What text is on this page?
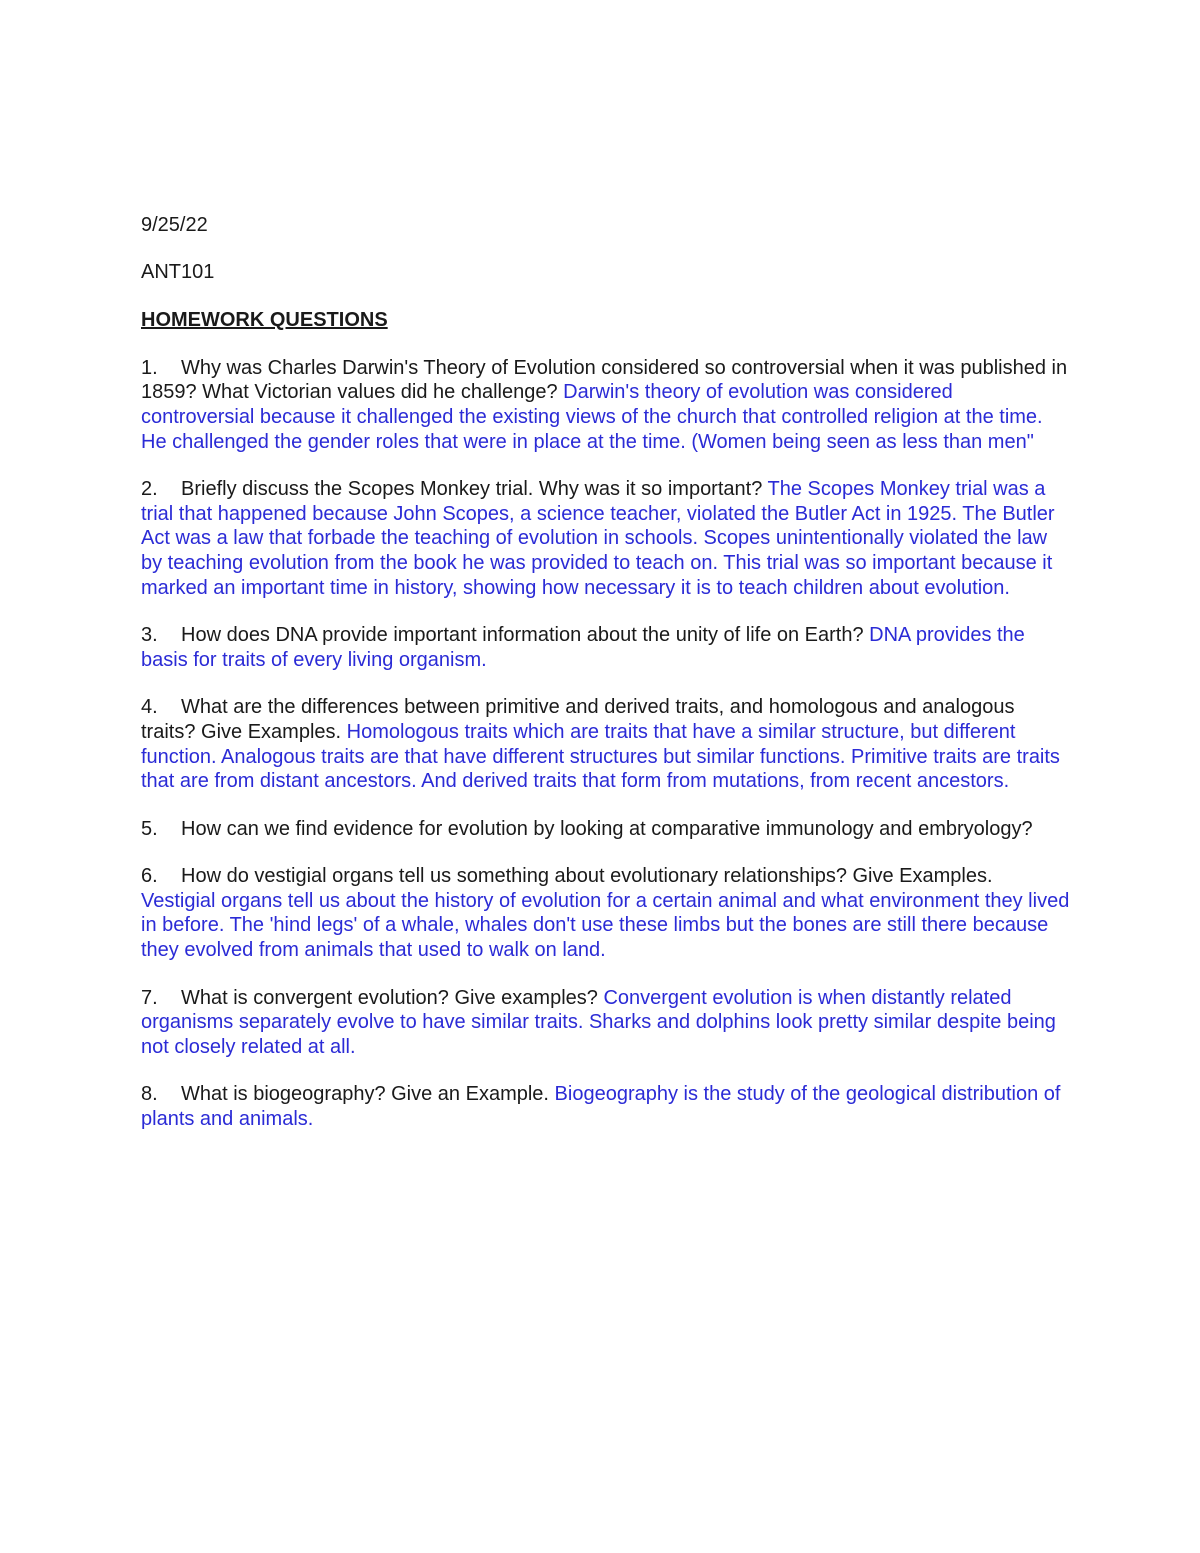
9/25/22

ANT101

HOMEWORK QUESTIONS

1. Why was Charles Darwin's Theory of Evolution considered so controversial when it was published in 1859? What Victorian values did he challenge? Darwin's theory of evolution was considered controversial because it challenged the existing views of the church that controlled religion at the time. He challenged the gender roles that were in place at the time. (Women being seen as less than men"

2. Briefly discuss the Scopes Monkey trial. Why was it so important? The Scopes Monkey trial was a trial that happened because John Scopes, a science teacher, violated the Butler Act in 1925. The Butler Act was a law that forbade the teaching of evolution in schools. Scopes unintentionally violated the law by teaching evolution from the book he was provided to teach on. This trial was so important because it marked an important time in history, showing how necessary it is to teach children about evolution.

3. How does DNA provide important information about the unity of life on Earth? DNA provides the basis for traits of every living organism.

4. What are the differences between primitive and derived traits, and homologous and analogous traits? Give Examples. Homologous traits which are traits that have a similar structure, but different function. Analogous traits are that have different structures but similar functions. Primitive traits are traits that are from distant ancestors. And derived traits that form from mutations, from recent ancestors.

5. How can we find evidence for evolution by looking at comparative immunology and embryology?

6. How do vestigial organs tell us something about evolutionary relationships? Give Examples. Vestigial organs tell us about the history of evolution for a certain animal and what environment they lived in before. The 'hind legs' of a whale, whales don't use these limbs but the bones are still there because they evolved from animals that used to walk on land.

7. What is convergent evolution? Give examples? Convergent evolution is when distantly related organisms separately evolve to have similar traits. Sharks and dolphins look pretty similar despite being not closely related at all.

8. What is biogeography? Give an Example. Biogeography is the study of the geological distribution of plants and animals.
